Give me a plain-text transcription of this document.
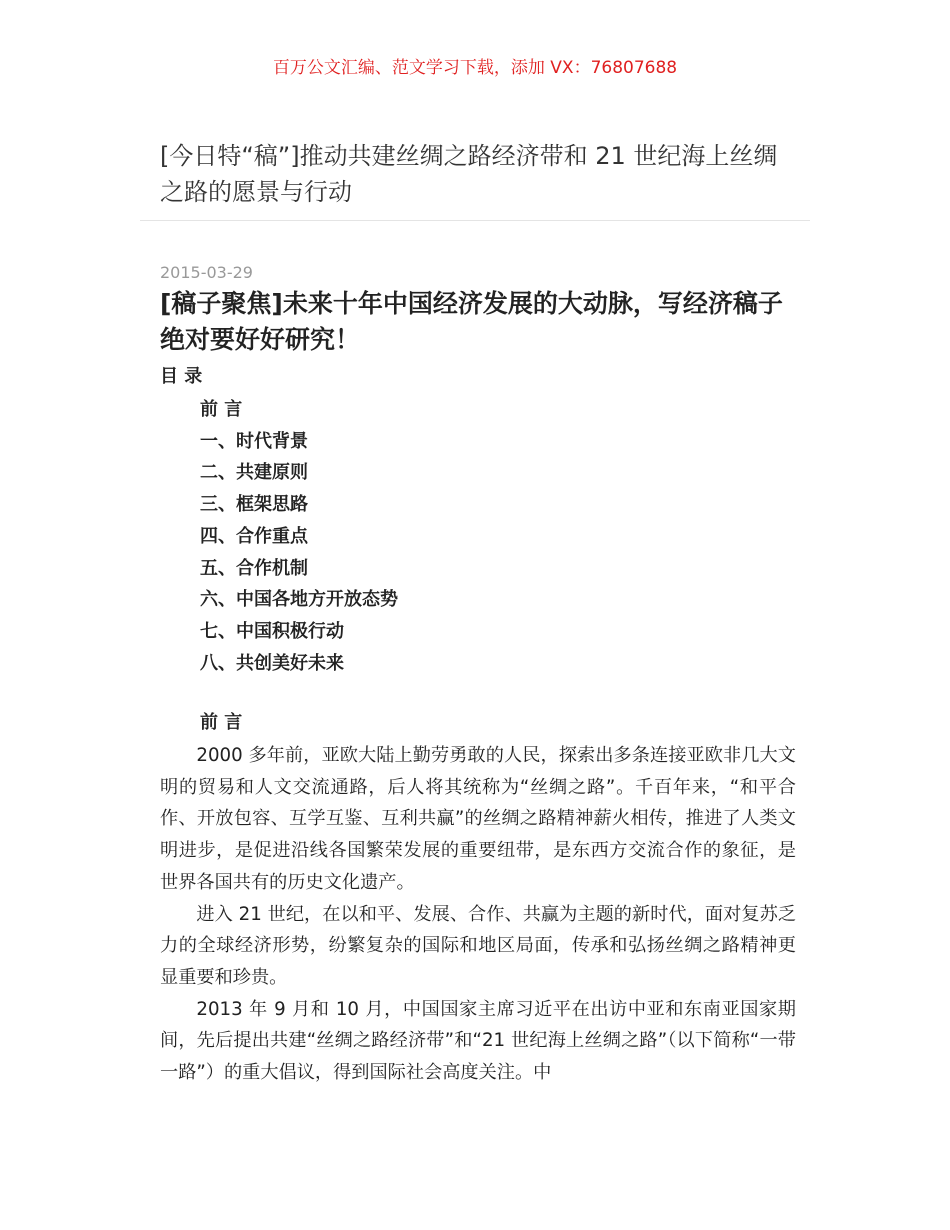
百万公文汇编、范文学习下载，添加 VX：76807688
[今日特“稿”]推动共建丝绸之路经济带和 21 世纪海上丝绸之路的愿景与行动
2015-03-29
[稿子聚焦]未来十年中国经济发展的大动脉，写经济稿子绝对要好好研究！
目 录
前 言
一、时代背景
二、共建原则
三、框架思路
四、合作重点
五、合作机制
六、中国各地方开放态势
七、中国积极行动
八、共创美好未来
前 言

2000 多年前，亚欧大陆上勤劳勇敢的人民，探索出多条连接亚欧非几大文明的贸易和人文交流通路，后人将其统称为“丝绸之路”。千百年来，“和平合作、开放包容、互学互鉴、互利共赢”的丝绸之路精神薪火相传，推进了人类文明进步，是促进沿线各国繁荣发展的重要纽带，是东西方交流合作的象征，是世界各国共有的历史文化遗产。

进入 21 世纪，在以和平、发展、合作、共赢为主题的新时代，面对复苏乏力的全球经济形势，纷繁复杂的国际和地区局面，传承和弘扬丝绸之路精神更显重要和珍贵。

2013 年 9 月和 10 月，中国国家主席习近平在出访中亚和东南亚国家期间，先后提出共建“丝绸之路经济带”和“21 世纪海上丝绸之路”（以下简称“一带一路”）的重大倡议，得到国际社会高度关注。中
